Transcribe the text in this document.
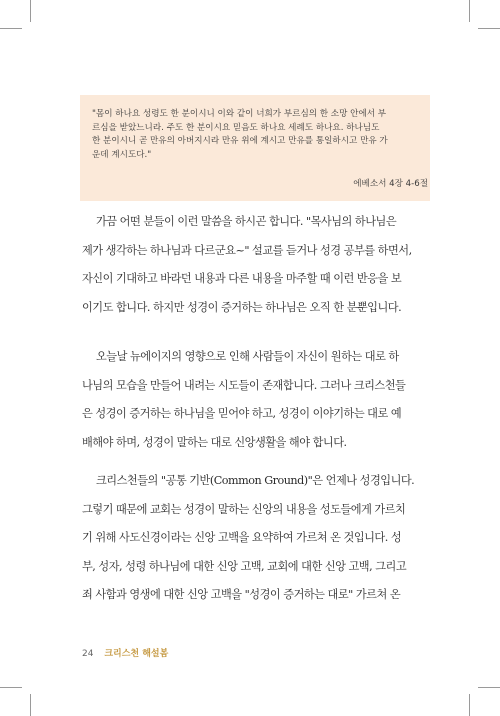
"몸이 하나요 성령도 한 분이시니 이와 같이 너희가 부르심의 한 소망 안에서 부
르심을 받았느니라. 주도 한 분이시요 믿음도 하나요 세례도 하나요. 하나님도
한 분이시니 곧 만유의 아버지시라 만유 위에 계시고 만유를 통일하시고 만유 가
운데 계시도다."
에베소서 4장 4-6절
가끔 어떤 분들이 이런 말씀을 하시곤 합니다. "목사님의 하나님은
제가 생각하는 하나님과 다르군요~" 설교를 듣거나 성경 공부를 하면서,
자신이 기대하고 바라던 내용과 다른 내용을 마주할 때 이런 반응을 보
이기도 합니다. 하지만 성경이 증거하는 하나님은 오직 한 분뿐입니다.
오늘날 뉴에이지의 영향으로 인해 사람들이 자신이 원하는 대로 하
나님의 모습을 만들어 내려는 시도들이 존재합니다. 그러나 크리스천들
은 성경이 증거하는 하나님을 믿어야 하고, 성경이 이야기하는 대로 예
배해야 하며, 성경이 말하는 대로 신앙생활을 해야 합니다.
크리스천들의 "공통 기반(Common Ground)"은 언제나 성경입니다.
그렇기 때문에 교회는 성경이 말하는 신앙의 내용을 성도들에게 가르치
기 위해 사도신경이라는 신앙 고백을 요약하여 가르쳐 온 것입니다. 성
부, 성자, 성령 하나님에 대한 신앙 고백, 교회에 대한 신앙 고백, 그리고
죄 사함과 영생에 대한 신앙 고백을 "성경이 증거하는 대로" 가르쳐 온
24 크리스천 해설봄
